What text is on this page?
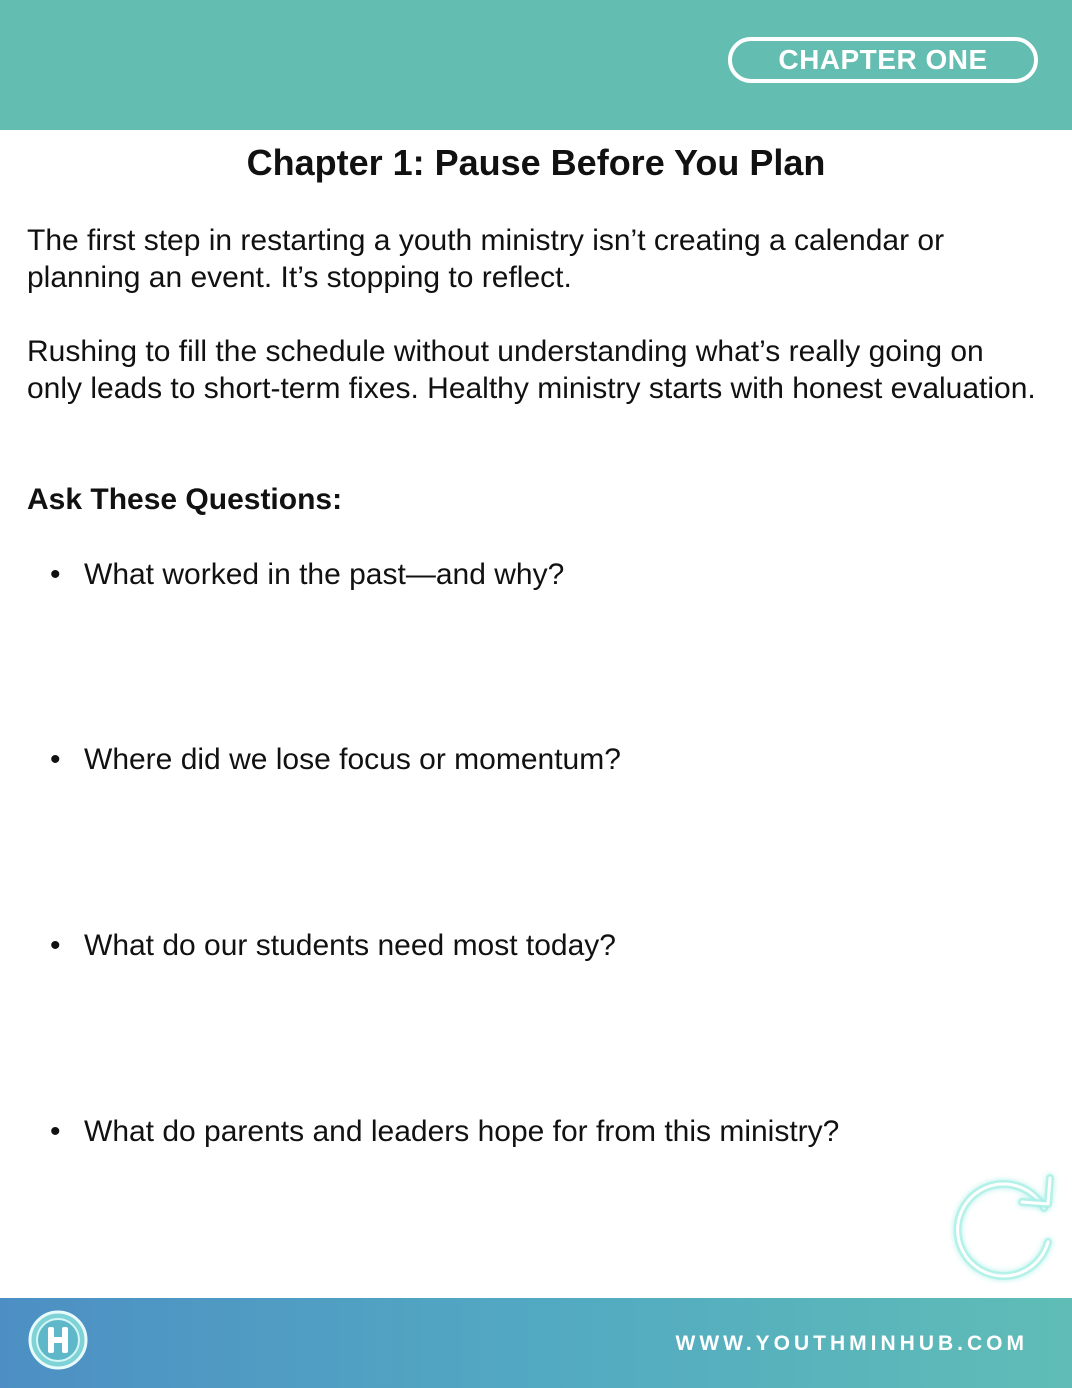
CHAPTER ONE
Chapter 1: Pause Before You Plan

The first step in restarting a youth ministry isn’t creating a calendar or planning an event. It’s stopping to reflect.

Rushing to fill the schedule without understanding what’s really going on only leads to short-term fixes. Healthy ministry starts with honest evaluation.

Ask These Questions:
• What worked in the past—and why?
• Where did we lose focus or momentum?
• What do our students need most today?
• What do parents and leaders hope for from this ministry?
WWW.YOUTHMINHUB.COM
